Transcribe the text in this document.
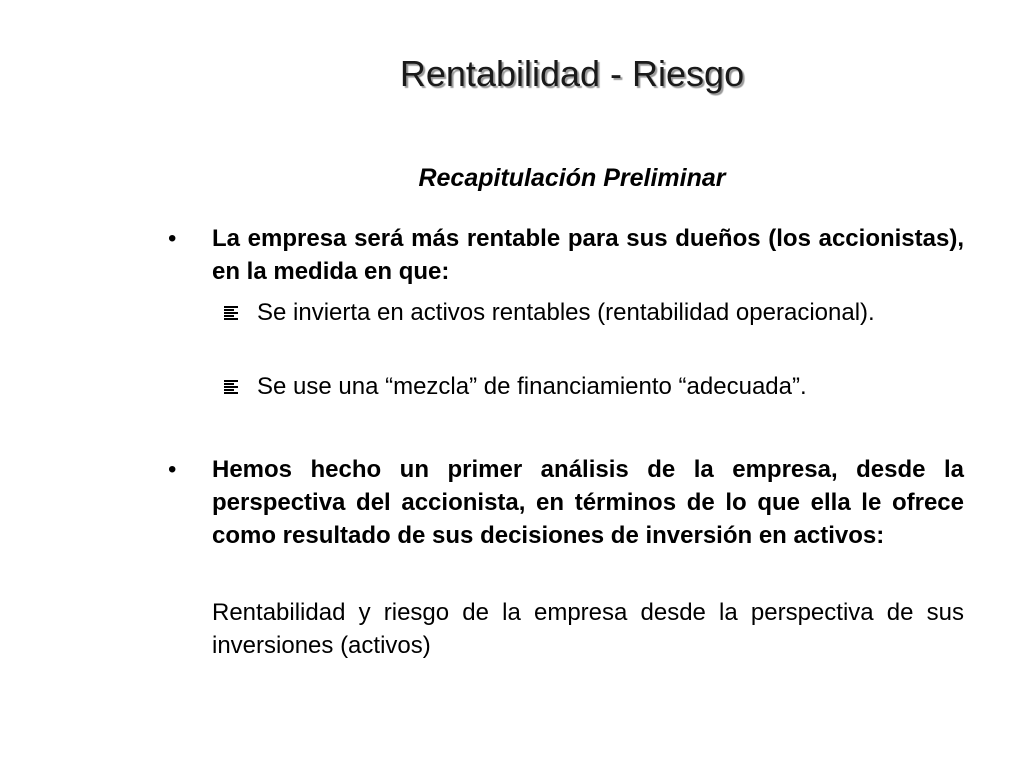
Rentabilidad - Riesgo
Recapitulación Preliminar
• La empresa será más rentable para sus dueños (los accionistas), en la medida en que:
Se invierta en activos rentables (rentabilidad operacional).
Se use una “mezcla” de financiamiento “adecuada”.
• Hemos hecho un primer análisis de la empresa, desde la perspectiva del accionista, en términos de lo que ella le ofrece como resultado de sus decisiones de inversión en activos:
Rentabilidad y riesgo de la empresa desde la perspectiva de sus inversiones (activos)
